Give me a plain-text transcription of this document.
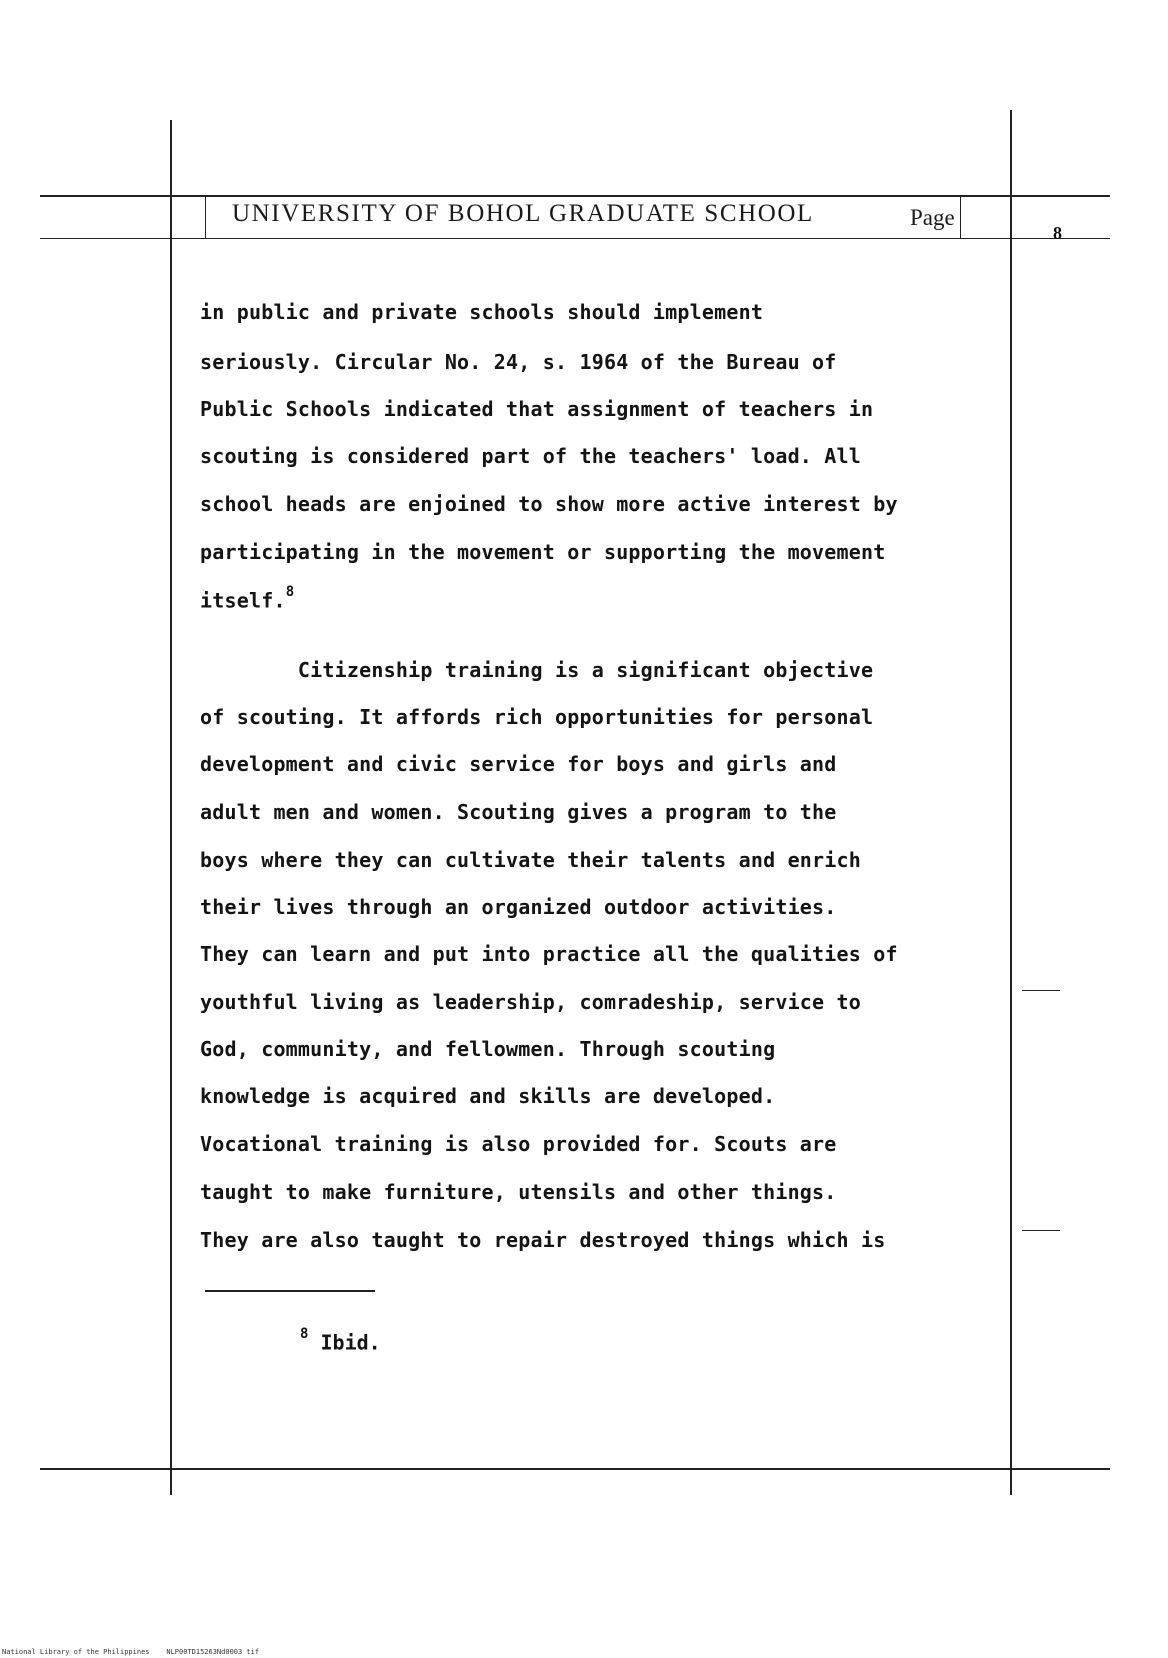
UNIVERSITY OF BOHOL GRADUATE SCHOOL	Page
8
in public and private schools should implement
seriously. Circular No. 24, s. 1964 of the Bureau of
Public Schools indicated that assignment of teachers in
scouting is considered part of the teachers' load. All
school heads are enjoined to show more active interest by
participating in the movement or supporting the movement
itself.$^8$
Citizenship training is a significant objective
of scouting. It affords rich opportunities for personal
development and civic service for boys and girls and
adult men and women. Scouting gives a program to the
boys where they can cultivate their talents and enrich
their lives through an organized outdoor activities.
They can learn and put into practice all the qualities of
youthful living as leadership, comradeship, service to
God, community, and fellowmen. Through scouting
knowledge is acquired and skills are developed.
Vocational training is also provided for. Scouts are
taught to make furniture, utensils and other things.
They are also taught to repair destroyed things which is
$^8$ Ibid.
National Library of the Philippines    NLP00TD15263Nd0003 tif
